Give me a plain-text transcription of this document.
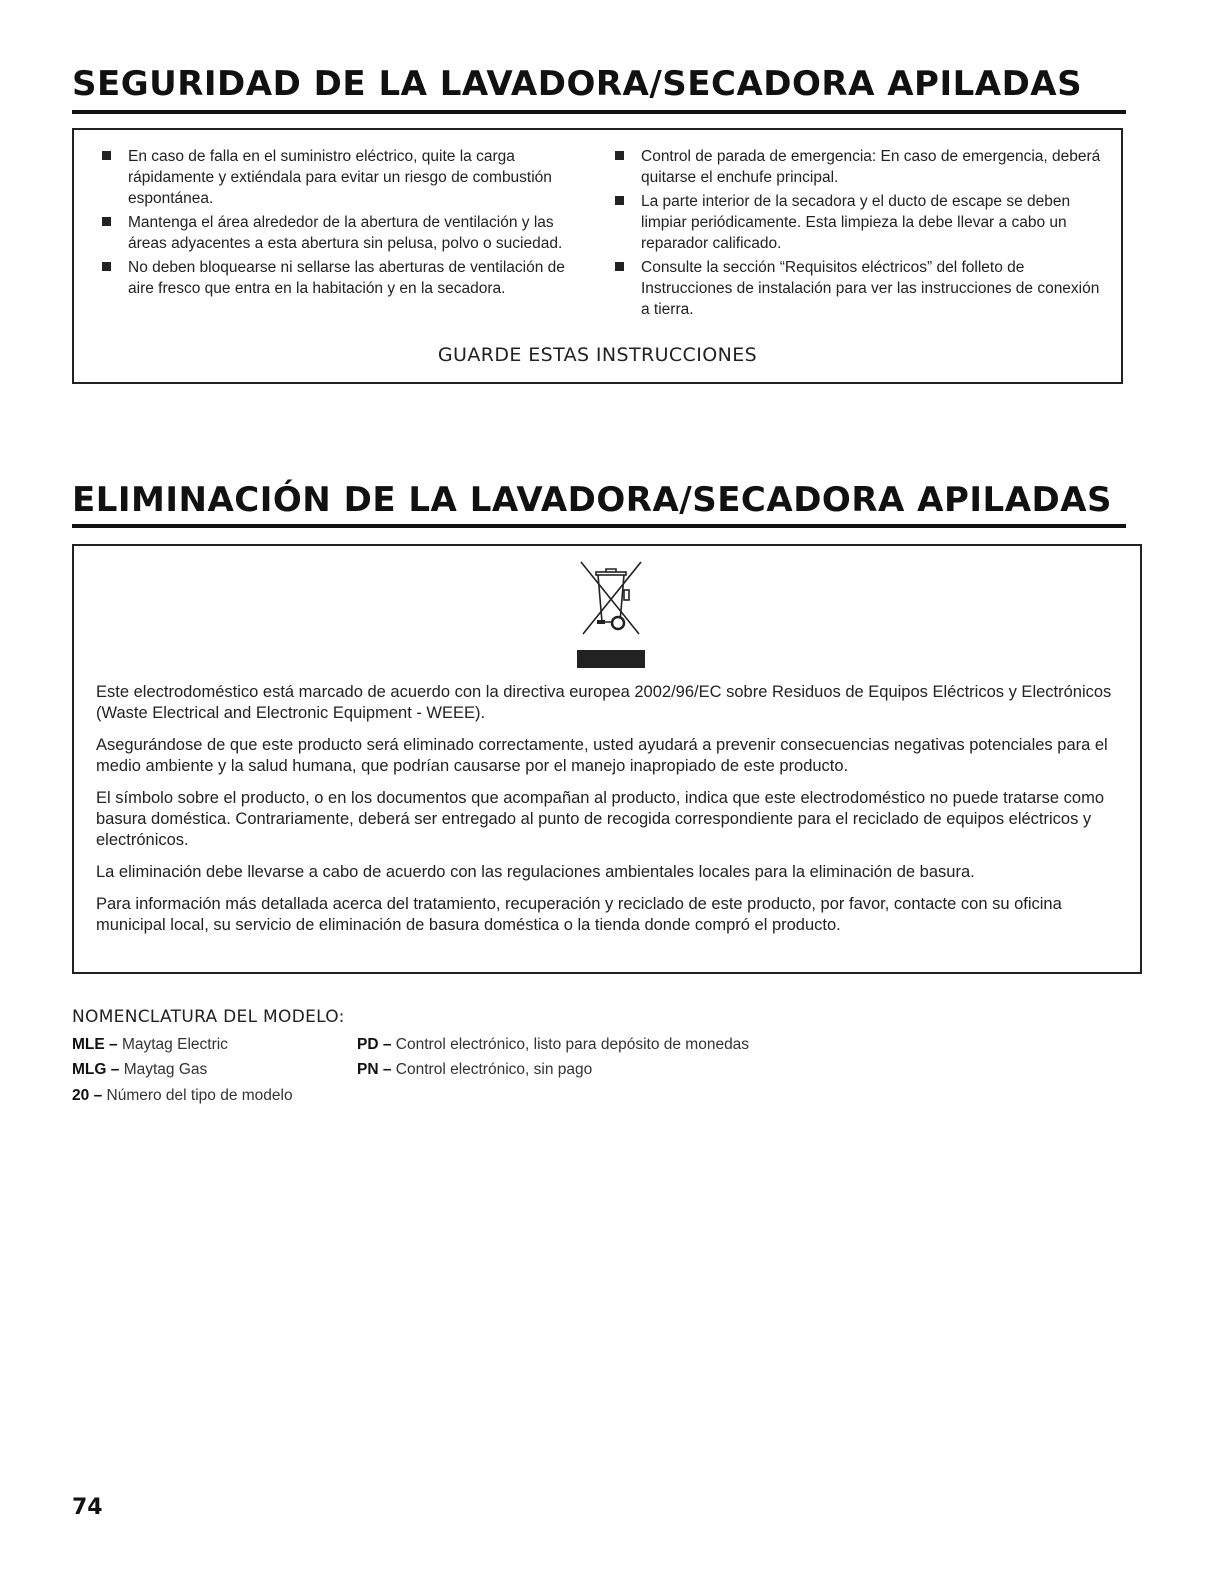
SEGURIDAD DE LA LAVADORA/SECADORA APILADAS
En caso de falla en el suministro eléctrico, quite la carga rápidamente y extiéndala para evitar un riesgo de combustión espontánea.
Mantenga el área alrededor de la abertura de ventilación y las áreas adyacentes a esta abertura sin pelusa, polvo o suciedad.
No deben bloquearse ni sellarse las aberturas de ventilación de aire fresco que entra en la habitación y en la secadora.
Control de parada de emergencia: En caso de emergencia, deberá quitarse el enchufe principal.
La parte interior de la secadora y el ducto de escape se deben limpiar periódicamente. Esta limpieza la debe llevar a cabo un reparador calificado.
Consulte la sección “Requisitos eléctricos” del folleto de Instrucciones de instalación para ver las instrucciones de conexión a tierra.
GUARDE ESTAS INSTRUCCIONES
ELIMINACIÓN DE LA LAVADORA/SECADORA APILADAS

Este electrodoméstico está marcado de acuerdo con la directiva europea 2002/96/EC sobre Residuos de Equipos Eléctricos y Electrónicos (Waste Electrical and Electronic Equipment - WEEE).

Asegurándose de que este producto será eliminado correctamente, usted ayudará a prevenir consecuencias negativas potenciales para el medio ambiente y la salud humana, que podrían causarse por el manejo inapropiado de este producto.

El símbolo sobre el producto, o en los documentos que acompañan al producto, indica que este electrodoméstico no puede tratarse como basura doméstica. Contrariamente, deberá ser entregado al punto de recogida correspondiente para el reciclado de equipos eléctricos y electrónicos.

La eliminación debe llevarse a cabo de acuerdo con las regulaciones ambientales locales para la eliminación de basura.

Para información más detallada acerca del tratamiento, recuperación y reciclado de este producto, por favor, contacte con su oficina municipal local, su servicio de eliminación de basura doméstica o la tienda donde compró el producto.

NOMENCLATURA DEL MODELO:
MLE – Maytag Electric
MLG – Maytag Gas
20 – Número del tipo de modelo
PD – Control electrónico, listo para depósito de monedas
PN – Control electrónico, sin pago
74
